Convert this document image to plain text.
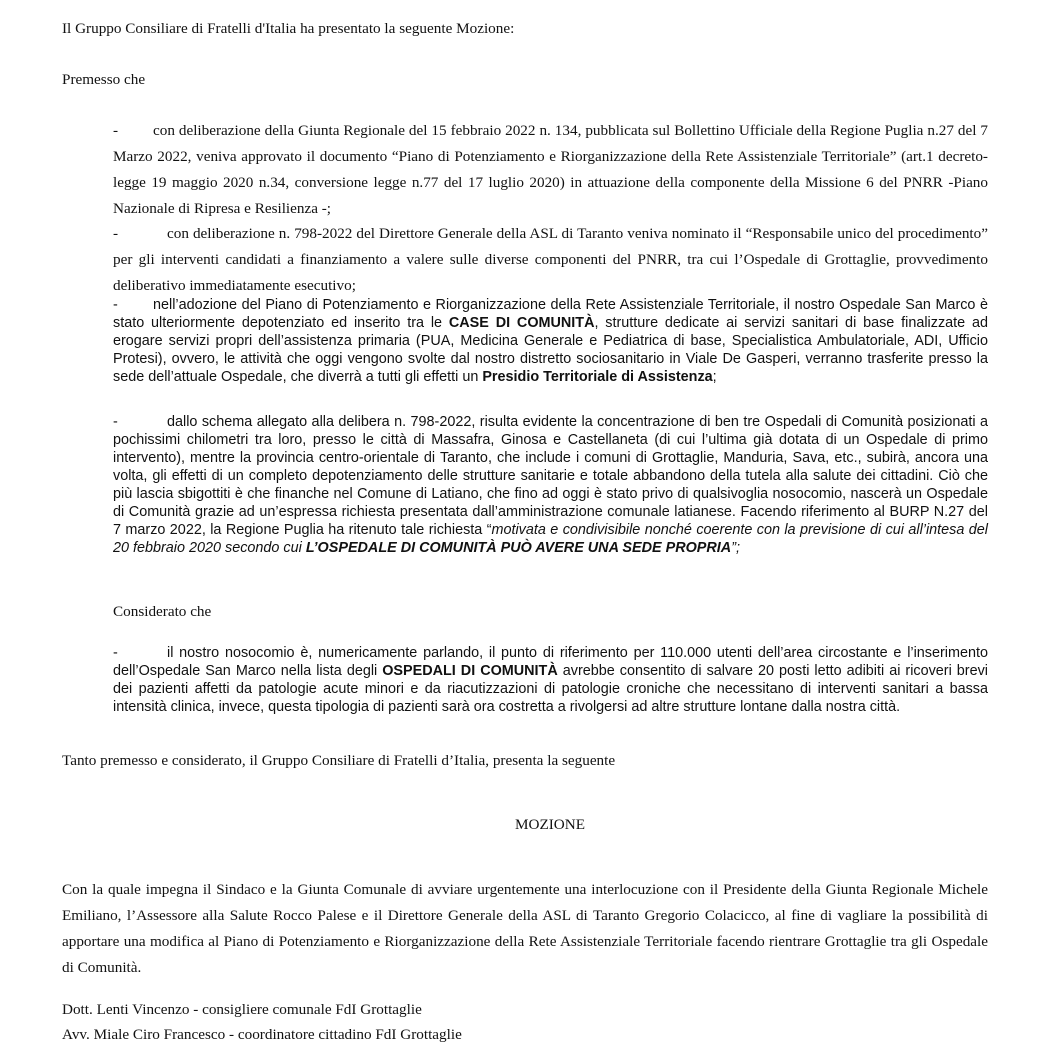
Il Gruppo Consiliare di Fratelli d'Italia ha presentato la seguente Mozione:

Premesso che

- con deliberazione della Giunta Regionale del 15 febbraio 2022 n. 134, pubblicata sul Bollettino Ufficiale della Regione Puglia n.27 del 7 Marzo 2022, veniva approvato il documento “Piano di Potenziamento e Riorganizzazione della Rete Assistenziale Territoriale” (art.1 decreto-legge 19 maggio 2020 n.34, conversione legge n.77 del 17 luglio 2020) in attuazione della componente della Missione 6 del PNRR -Piano Nazionale di Ripresa e Resilienza -;

-	con deliberazione n. 798-2022 del Direttore Generale della ASL di Taranto veniva nominato il “Responsabile unico del procedimento” per gli interventi candidati a finanziamento a valere sulle diverse componenti del PNRR, tra cui l’Ospedale di Grottaglie, provvedimento deliberativo immediatamente esecutivo;

- nell’adozione del Piano di Potenziamento e Riorganizzazione della Rete Assistenziale Territoriale, il nostro Ospedale San Marco è stato ulteriormente depotenziato ed inserito tra le CASE DI COMUNITÀ, strutture dedicate ai servizi sanitari di base finalizzate ad erogare servizi propri dell’assistenza primaria (PUA, Medicina Generale e Pediatrica di base, Specialistica Ambulatoriale, ADI, Ufficio Protesi), ovvero, le attività che oggi vengono svolte dal nostro distretto sociosanitario in Viale De Gasperi, verranno trasferite presso la sede dell’attuale Ospedale, che diverrà a tutti gli effetti un Presidio Territoriale di Assistenza;

-	dallo schema allegato alla delibera n. 798-2022, risulta evidente la concentrazione di ben tre Ospedali di Comunità posizionati a pochissimi chilometri tra loro, presso le città di Massafra, Ginosa e Castellaneta (di cui l’ultima già dotata di un Ospedale di primo intervento), mentre la provincia centro-orientale di Taranto, che include i comuni di Grottaglie, Manduria, Sava, etc., subirà, ancora una volta, gli effetti di un completo depotenziamento delle strutture sanitarie e totale abbandono della tutela alla salute dei cittadini. Ciò che più lascia sbigottiti è che finanche nel Comune di Latiano, che fino ad oggi è stato privo di qualsivoglia nosocomio, nascerà un Ospedale di Comunità grazie ad un’espressa richiesta presentata dall’amministrazione comunale latianese. Facendo riferimento al BURP N.27 del 7 marzo 2022, la Regione Puglia ha ritenuto tale richiesta “motivata e condivisibile nonché coerente con la previsione di cui all’intesa del 20 febbraio 2020 secondo cui L’OSPEDALE DI COMUNITÀ PUÒ AVERE UNA SEDE PROPRIA”;

Considerato che

-	il nostro nosocomio è, numericamente parlando, il punto di riferimento per 110.000 utenti dell’area circostante e l’inserimento dell’Ospedale San Marco nella lista degli OSPEDALI DI COMUNITÀ avrebbe consentito di salvare 20 posti letto adibiti ai ricoveri brevi dei pazienti affetti da patologie acute minori e da riacutizzazioni di patologie croniche che necessitano di interventi sanitari a bassa intensità clinica, invece, questa tipologia di pazienti sarà ora costretta a rivolgersi ad altre strutture lontane dalla nostra città.

Tanto premesso e considerato, il Gruppo Consiliare di Fratelli d’Italia, presenta la seguente

MOZIONE

Con la quale impegna il Sindaco e la Giunta Comunale di avviare urgentemente una interlocuzione con il Presidente della Giunta Regionale Michele Emiliano, l’Assessore alla Salute Rocco Palese e il Direttore Generale della ASL di Taranto Gregorio Colacicco, al fine di vagliare la possibilità di apportare una modifica al Piano di Potenziamento e Riorganizzazione della Rete Assistenziale Territoriale facendo rientrare Grottaglie tra gli Ospedale di Comunità.

Dott. Lenti Vincenzo - consigliere comunale FdI Grottaglie

Avv. Miale Ciro Francesco - coordinatore cittadino FdI Grottaglie
